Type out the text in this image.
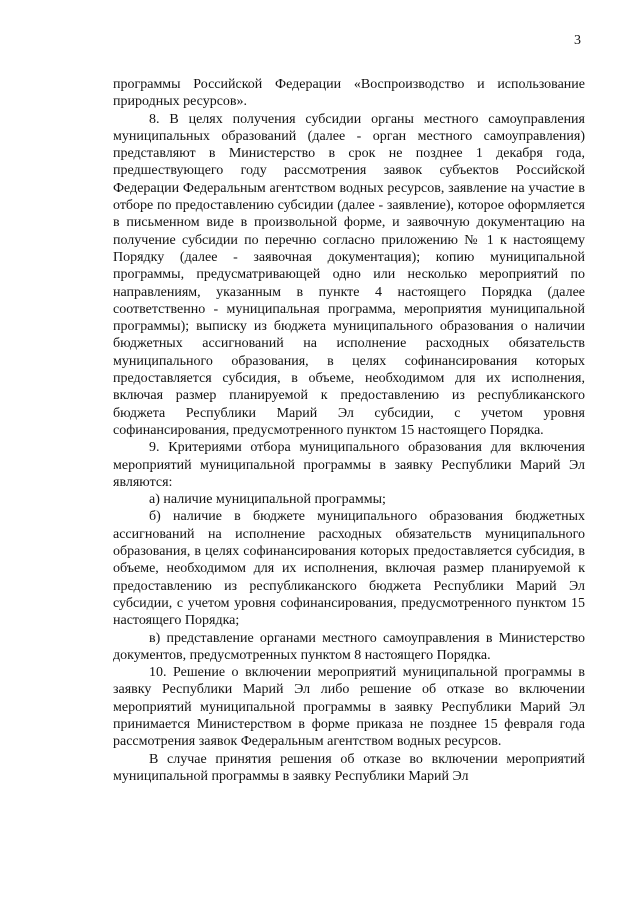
3

программы Российской Федерации «Воспроизводство и использование природных ресурсов».

8. В целях получения субсидии органы местного самоуправления муниципальных образований (далее - орган местного самоуправления) представляют в Министерство в срок не позднее 1 декабря года, предшествующего году рассмотрения заявок субъектов Российской Федерации Федеральным агентством водных ресурсов, заявление на участие в отборе по предоставлению субсидии (далее - заявление), которое оформляется в письменном виде в произвольной форме, и заявочную документацию на получение субсидии по перечню согласно приложению № 1 к настоящему Порядку (далее - заявочная документация); копию муниципальной программы, предусматривающей одно или несколько мероприятий по направлениям, указанным в пункте 4 настоящего Порядка (далее соответственно - муниципальная программа, мероприятия муниципальной программы); выписку из бюджета муниципального образования о наличии бюджетных ассигнований на исполнение расходных обязательств муниципального образования, в целях софинансирования которых предоставляется субсидия, в объеме, необходимом для их исполнения, включая размер планируемой к предоставлению из республиканского бюджета Республики Марий Эл субсидии, с учетом уровня софинансирования, предусмотренного пунктом 15 настоящего Порядка.

9. Критериями отбора муниципального образования для включения мероприятий муниципальной программы в заявку Республики Марий Эл являются:

а) наличие муниципальной программы;

б) наличие в бюджете муниципального образования бюджетных ассигнований на исполнение расходных обязательств муниципального образования, в целях софинансирования которых предоставляется субсидия, в объеме, необходимом для их исполнения, включая размер планируемой к предоставлению из республиканского бюджета Республики Марий Эл субсидии, с учетом уровня софинансирования, предусмотренного пунктом 15 настоящего Порядка;

в) представление органами местного самоуправления в Министерство документов, предусмотренных пунктом 8 настоящего Порядка.

10. Решение о включении мероприятий муниципальной программы в заявку Республики Марий Эл либо решение об отказе во включении мероприятий муниципальной программы в заявку Республики Марий Эл принимается Министерством в форме приказа не позднее 15 февраля года рассмотрения заявок Федеральным агентством водных ресурсов.

В случае принятия решения об отказе во включении мероприятий муниципальной программы в заявку Республики Марий Эл
